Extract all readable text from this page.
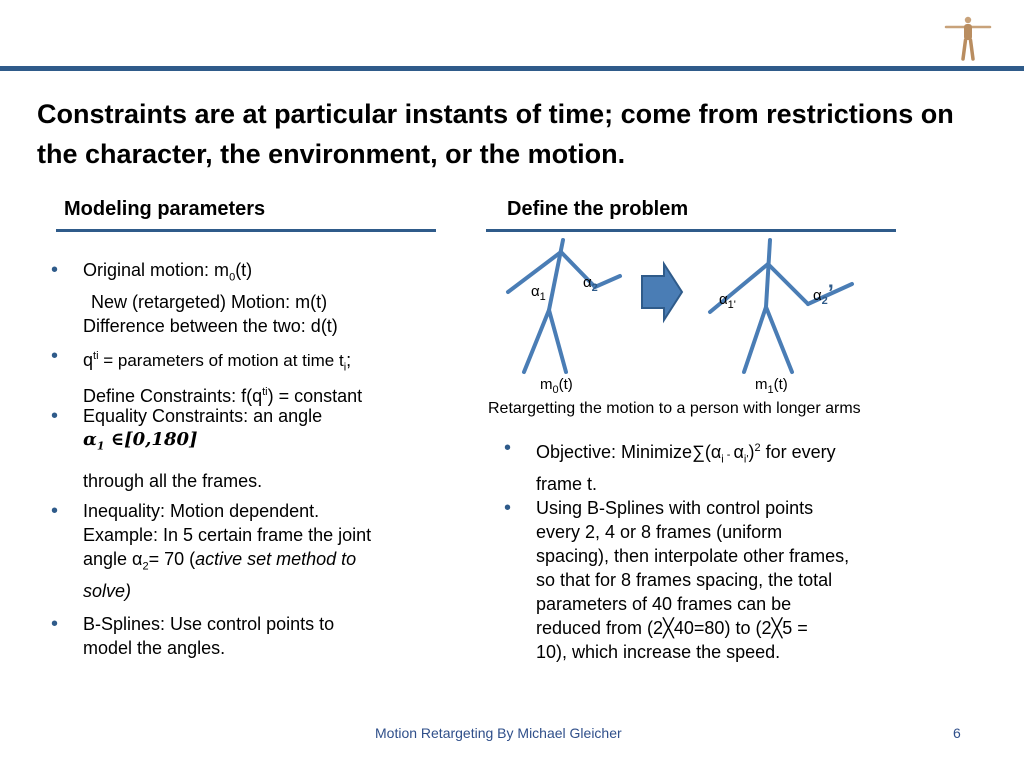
Constraints are at particular instants of time; come from restrictions on the character, the environment, or the motion.
Modeling parameters
• Original motion: $m_0(t)$
New (retargeted) Motion: m(t)
Difference between the two: d(t)
• $q^{ti}$ = parameters of motion at time $t_i$;
Define Constraints: $f(q^{ti})$ = constant
• Equality Constraints: an angle
$\alpha_1$ ∈[0,180]
through all the frames.
• Inequality: Motion dependent.
Example: In 5 certain frame the joint
angle $\alpha_2= 70$ (active set method to
solve)
• B-Splines: Use control points to
model the angles.
Define the problem
$\alpha_1$
$\alpha_2$
$\alpha_{1'}$
$\alpha_2$’
$m_0(t)$	$m_1(t)$
Retargetting the motion to a person with longer arms
• Objective: $Minimize\sum(\alpha_i - \alpha_{i'})^2$ for every
frame t.
• Using B-Splines with control points
every 2, 4 or 8 frames (uniform
spacing), then interpolate other frames,
so that for 8 frames spacing, the total
parameters of 40 frames can be
reduced from (2╳40=80) to (2╳5 =
10), which increase the speed.
Motion Retargeting By Michael Gleicher	6
